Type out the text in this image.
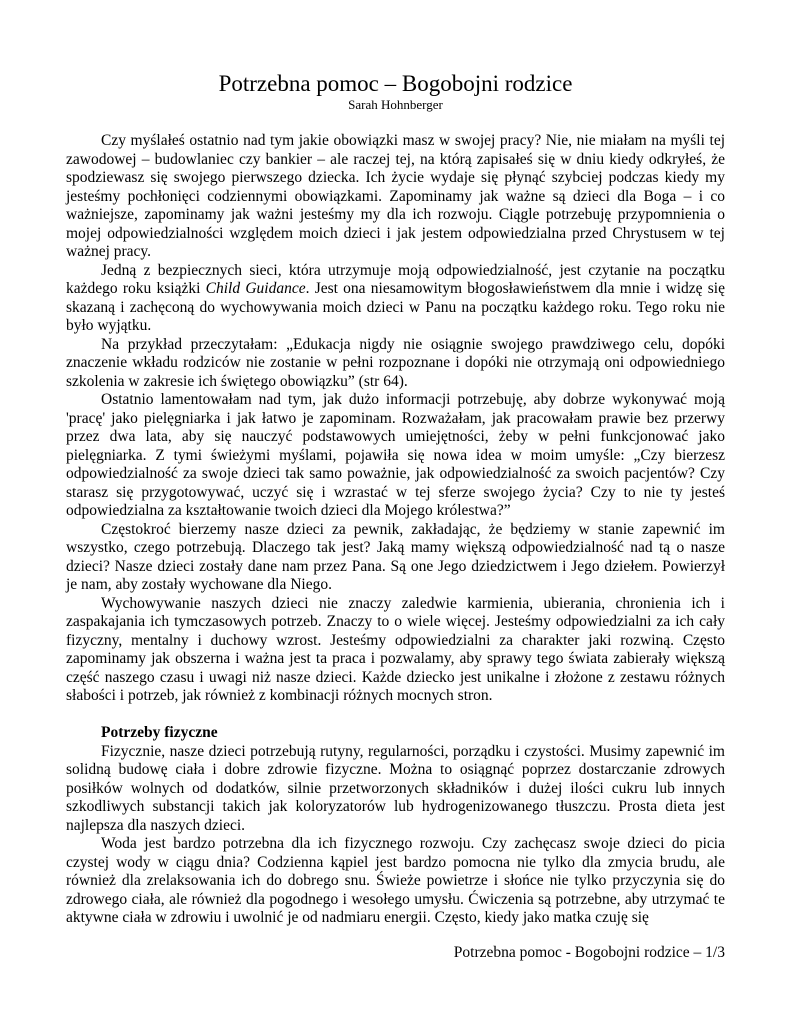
Potrzebna pomoc – Bogobojni rodzice
Sarah Hohnberger

Czy myślałeś ostatnio nad tym jakie obowiązki masz w swojej pracy? Nie, nie miałam na myśli tej zawodowej – budowlaniec czy bankier – ale raczej tej, na którą zapisałeś się w dniu kiedy odkryłeś, że spodziewasz się swojego pierwszego dziecka. Ich życie wydaje się płynąć szybciej podczas kiedy my jesteśmy pochłonięci codziennymi obowiązkami. Zapominamy jak ważne są dzieci dla Boga – i co ważniejsze, zapominamy jak ważni jesteśmy my dla ich rozwoju. Ciągle potrzebuję przypomnienia o mojej odpowiedzialności względem moich dzieci i jak jestem odpowiedzialna przed Chrystusem w tej ważnej pracy.

Jedną z bezpiecznych sieci, która utrzymuje moją odpowiedzialność, jest czytanie na początku każdego roku książki Child Guidance. Jest ona niesamowitym błogosławieństwem dla mnie i widzę się skazaną i zachęconą do wychowywania moich dzieci w Panu na początku każdego roku. Tego roku nie było wyjątku.

Na przykład przeczytałam: „Edukacja nigdy nie osiągnie swojego prawdziwego celu, dopóki znaczenie wkładu rodziców nie zostanie w pełni rozpoznane i dopóki nie otrzymają oni odpowiedniego szkolenia w zakresie ich świętego obowiązku” (str 64).

Ostatnio lamentowałam nad tym, jak dużo informacji potrzebuję, aby dobrze wykonywać moją 'pracę' jako pielęgniarka i jak łatwo je zapominam. Rozważałam, jak pracowałam prawie bez przerwy przez dwa lata, aby się nauczyć podstawowych umiejętności, żeby w pełni funkcjonować jako pielęgniarka. Z tymi świeżymi myślami, pojawiła się nowa idea w moim umyśle: „Czy bierzesz odpowiedzialność za swoje dzieci tak samo poważnie, jak odpowiedzialność za swoich pacjentów? Czy starasz się przygotowywać, uczyć się i wzrastać w tej sferze swojego życia? Czy to nie ty jesteś odpowiedzialna za kształtowanie twoich dzieci dla Mojego królestwa?”

Częstokroć bierzemy nasze dzieci za pewnik, zakładając, że będziemy w stanie zapewnić im wszystko, czego potrzebują. Dlaczego tak jest? Jaką mamy większą odpowiedzialność nad tą o nasze dzieci? Nasze dzieci zostały dane nam przez Pana. Są one Jego dziedzictwem i Jego dziełem. Powierzył je nam, aby zostały wychowane dla Niego.

Wychowywanie naszych dzieci nie znaczy zaledwie karmienia, ubierania, chronienia ich i zaspakajania ich tymczasowych potrzeb. Znaczy to o wiele więcej. Jesteśmy odpowiedzialni za ich cały fizyczny, mentalny i duchowy wzrost. Jesteśmy odpowiedzialni za charakter jaki rozwiną. Często zapominamy jak obszerna i ważna jest ta praca i pozwalamy, aby sprawy tego świata zabierały większą część naszego czasu i uwagi niż nasze dzieci. Każde dziecko jest unikalne i złożone z zestawu różnych słabości i potrzeb, jak również z kombinacji różnych mocnych stron.

Potrzeby fizyczne

Fizycznie, nasze dzieci potrzebują rutyny, regularności, porządku i czystości. Musimy zapewnić im solidną budowę ciała i dobre zdrowie fizyczne. Można to osiągnąć poprzez dostarczanie zdrowych posiłków wolnych od dodatków, silnie przetworzonych składników i dużej ilości cukru lub innych szkodliwych substancji takich jak koloryzatorów lub hydrogenizowanego tłuszczu. Prosta dieta jest najlepsza dla naszych dzieci.

Woda jest bardzo potrzebna dla ich fizycznego rozwoju. Czy zachęcasz swoje dzieci do picia czystej wody w ciągu dnia? Codzienna kąpiel jest bardzo pomocna nie tylko dla zmycia brudu, ale również dla zrelaksowania ich do dobrego snu. Świeże powietrze i słońce nie tylko przyczynia się do zdrowego ciała, ale również dla pogodnego i wesołego umysłu. Ćwiczenia są potrzebne, aby utrzymać te aktywne ciała w zdrowiu i uwolnić je od nadmiaru energii. Często, kiedy jako matka czuję się

Potrzebna pomoc - Bogobojni rodzice – 1/3
